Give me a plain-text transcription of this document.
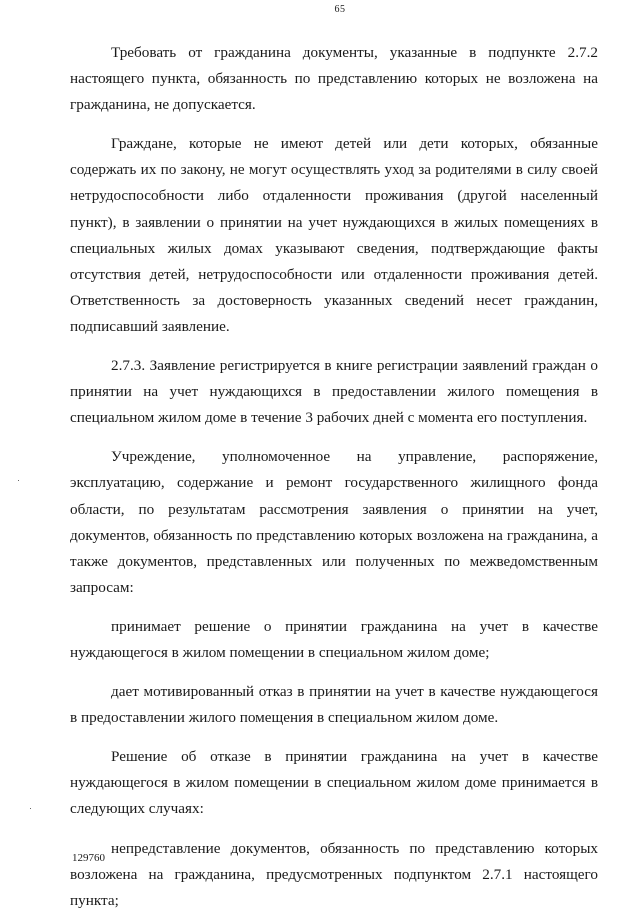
65

Требовать от гражданина документы, указанные в подпункте 2.7.2 настоящего пункта, обязанность по представлению которых не возложена на гражданина, не допускается.

Граждане, которые не имеют детей или дети которых, обязанные содержать их по закону, не могут осуществлять уход за родителями в силу своей нетрудоспособности либо отдаленности проживания (другой населенный пункт), в заявлении о принятии на учет нуждающихся в жилых помещениях в специальных жилых домах указывают сведения, подтверждающие факты отсутствия детей, нетрудоспособности или отдаленности проживания детей. Ответственность за достоверность указанных сведений несет гражданин, подписавший заявление.

2.7.3. Заявление регистрируется в книге регистрации заявлений граждан о принятии на учет нуждающихся в предоставлении жилого помещения в специальном жилом доме в течение 3 рабочих дней с момента его поступления.

Учреждение, уполномоченное на управление, распоряжение, эксплуатацию, содержание и ремонт государственного жилищного фонда области, по результатам рассмотрения заявления о принятии на учет, документов, обязанность по представлению которых возложена на гражданина, а также документов, представленных или полученных по межведомственным запросам:

принимает решение о принятии гражданина на учет в качестве нуждающегося в жилом помещении в специальном жилом доме;

дает мотивированный отказ в принятии на учет в качестве нуждающегося в предоставлении жилого помещения в специальном жилом доме.

Решение об отказе в принятии гражданина на учет в качестве нуждающегося в жилом помещении в специальном жилом доме принимается в следующих случаях:

непредставление документов, обязанность по представлению которых возложена на гражданина, предусмотренных подпунктом 2.7.1 настоящего пункта;

129760
